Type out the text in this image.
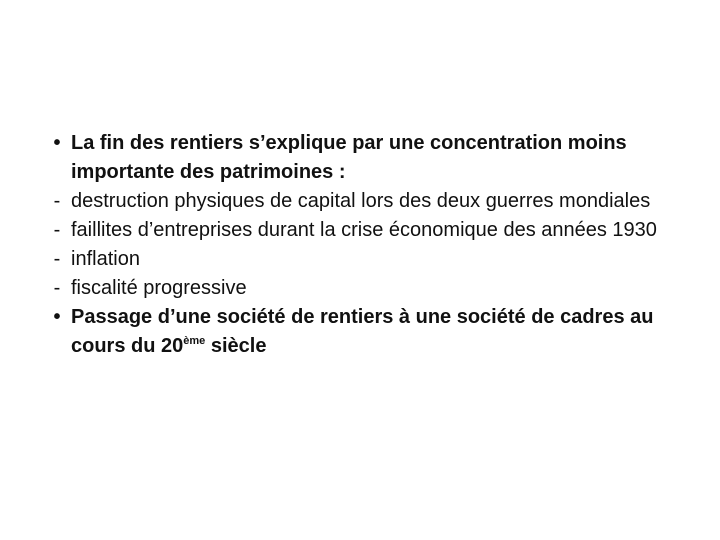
• La fin des rentiers s’explique par une concentration moins importante des patrimoines :
- destruction physiques de capital lors des deux guerres mondiales
- faillites d’entreprises durant la crise économique des années 1930
- inflation
- fiscalité progressive
• Passage d’une société de rentiers à une société de cadres au cours du 20ème siècle
